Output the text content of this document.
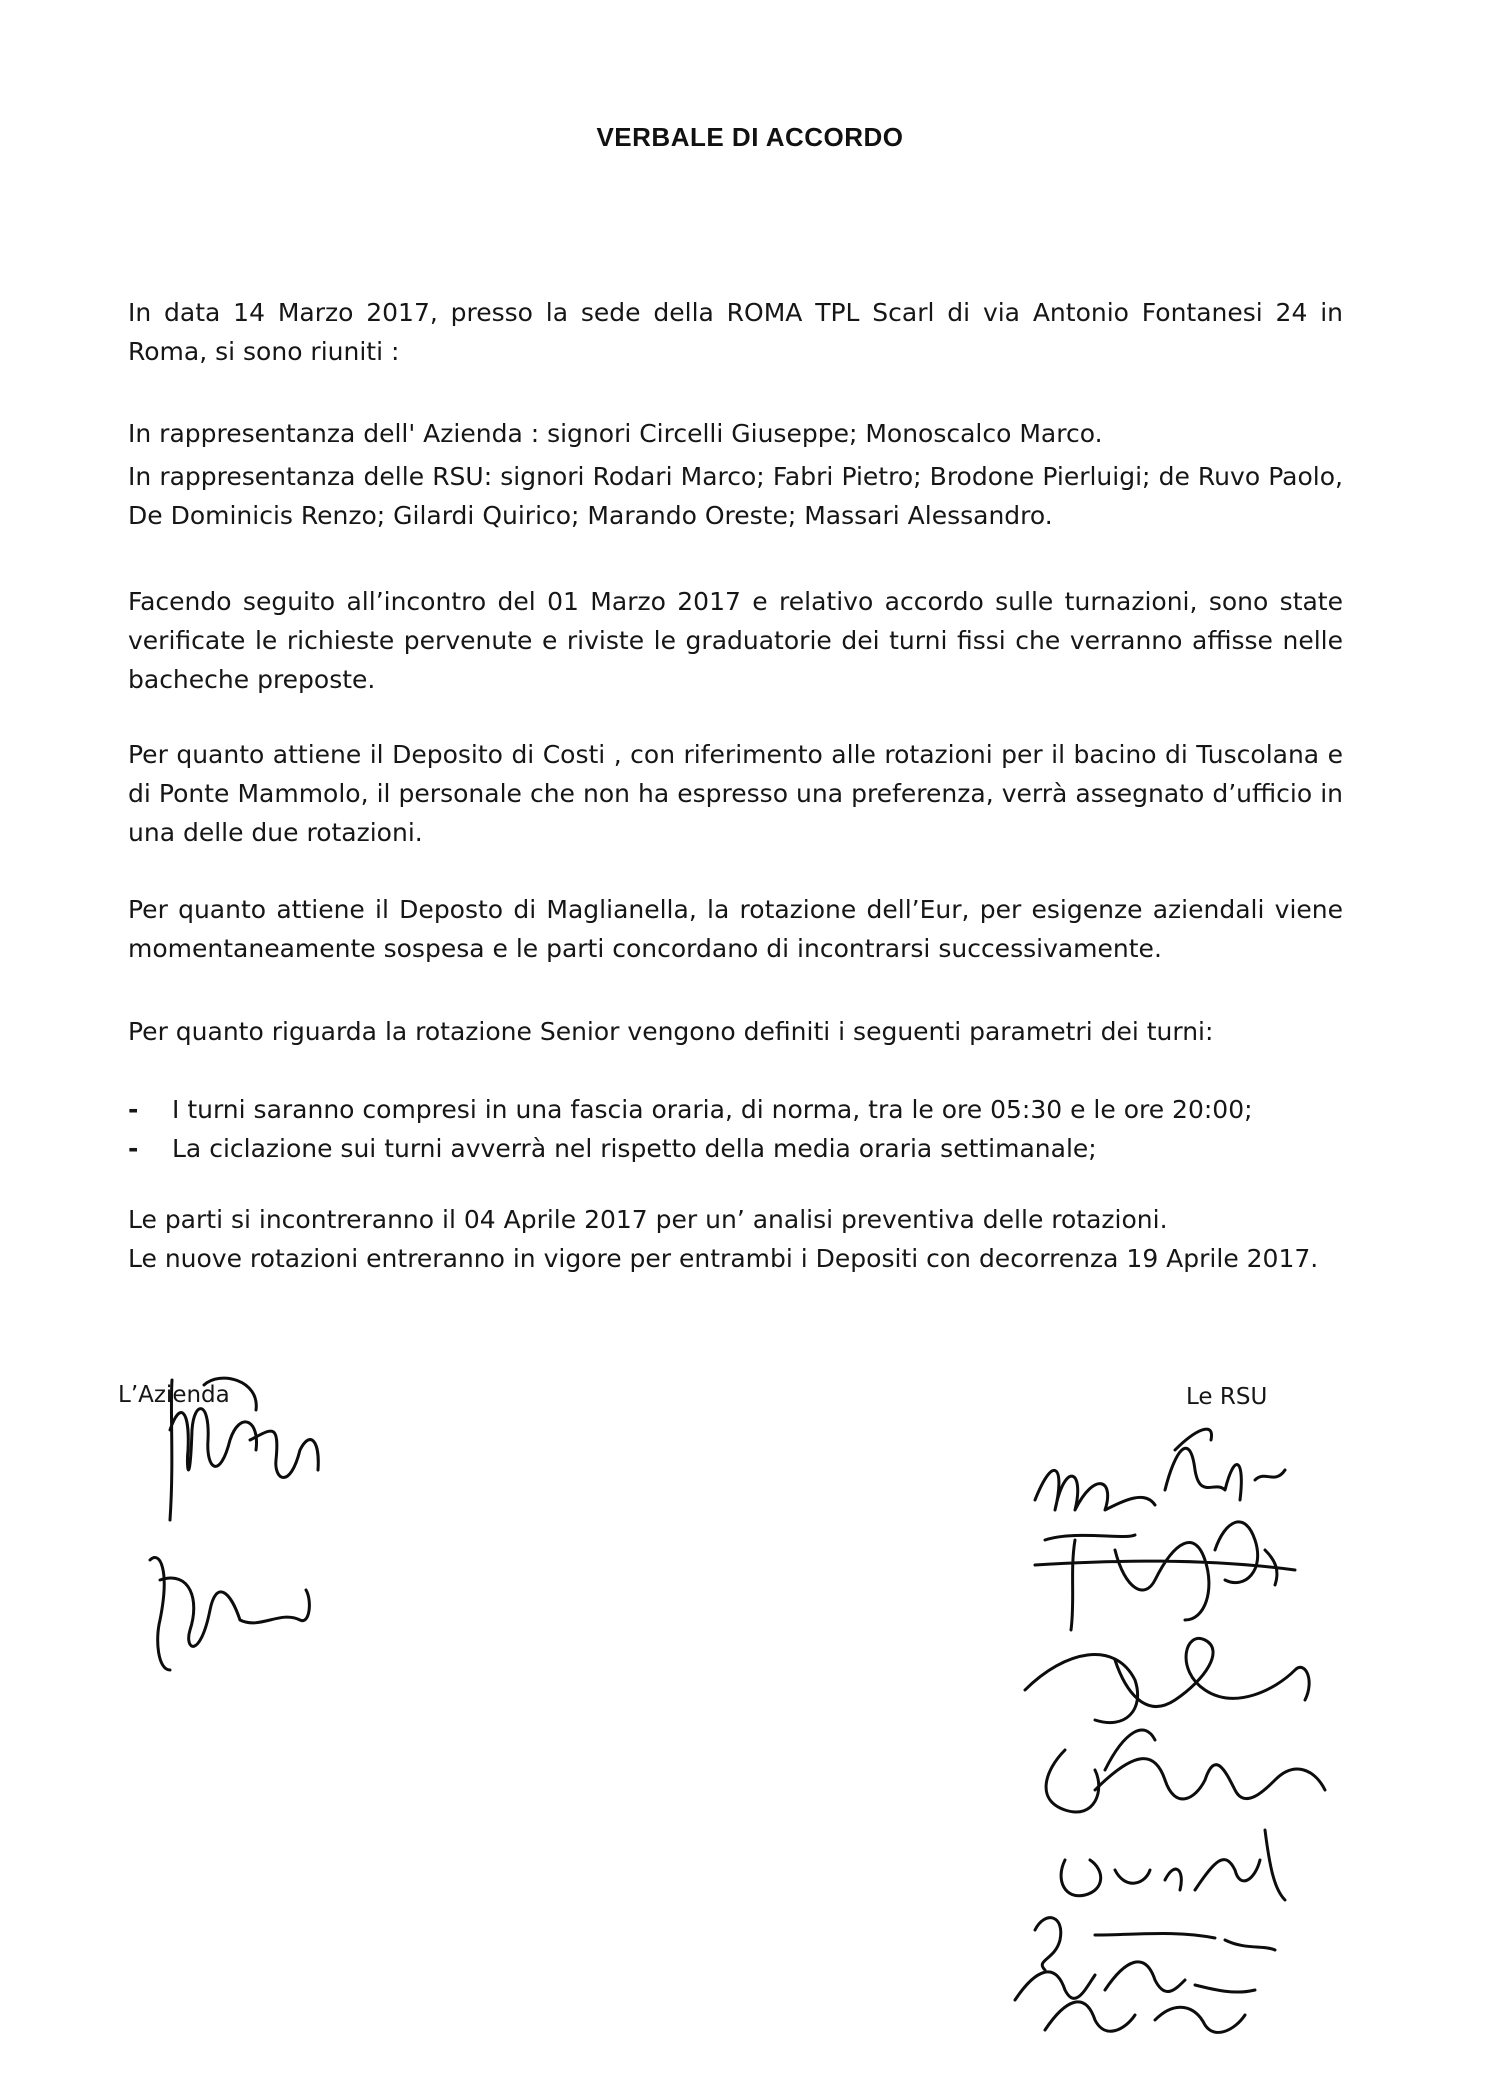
VERBALE DI ACCORDO

In data 14 Marzo 2017, presso la sede della ROMA TPL Scarl di via Antonio Fontanesi 24 in Roma, si sono riuniti :

In rappresentanza dell' Azienda : signori Circelli Giuseppe; Monoscalco Marco.

In rappresentanza delle RSU: signori Rodari Marco; Fabri Pietro; Brodone Pierluigi; de Ruvo Paolo, De Dominicis Renzo; Gilardi Quirico; Marando Oreste; Massari Alessandro.

Facendo seguito all’incontro del 01 Marzo 2017 e relativo accordo sulle turnazioni, sono state verificate le richieste pervenute e riviste le graduatorie dei turni fissi che verranno affisse nelle bacheche preposte.

Per quanto attiene il Deposito di Costi , con riferimento alle rotazioni per il bacino di Tuscolana e di Ponte Mammolo, il personale che non ha espresso una preferenza, verrà assegnato d’ufficio in una delle due rotazioni.

Per quanto attiene il Deposto di Maglianella, la rotazione dell’Eur, per esigenze aziendali viene momentaneamente sospesa e le parti concordano di incontrarsi successivamente.

Per quanto riguarda la rotazione Senior vengono definiti i seguenti parametri dei turni:

- I turni saranno compresi in una fascia oraria, di norma, tra le ore 05:30 e le ore 20:00;
- La ciclazione sui turni avverrà nel rispetto della media oraria settimanale;

Le parti si incontreranno il 04 Aprile 2017 per un’ analisi preventiva delle rotazioni.

Le nuove rotazioni entreranno in vigore per entrambi i Depositi con decorrenza 19 Aprile 2017.

L’Azienda	Le RSU
